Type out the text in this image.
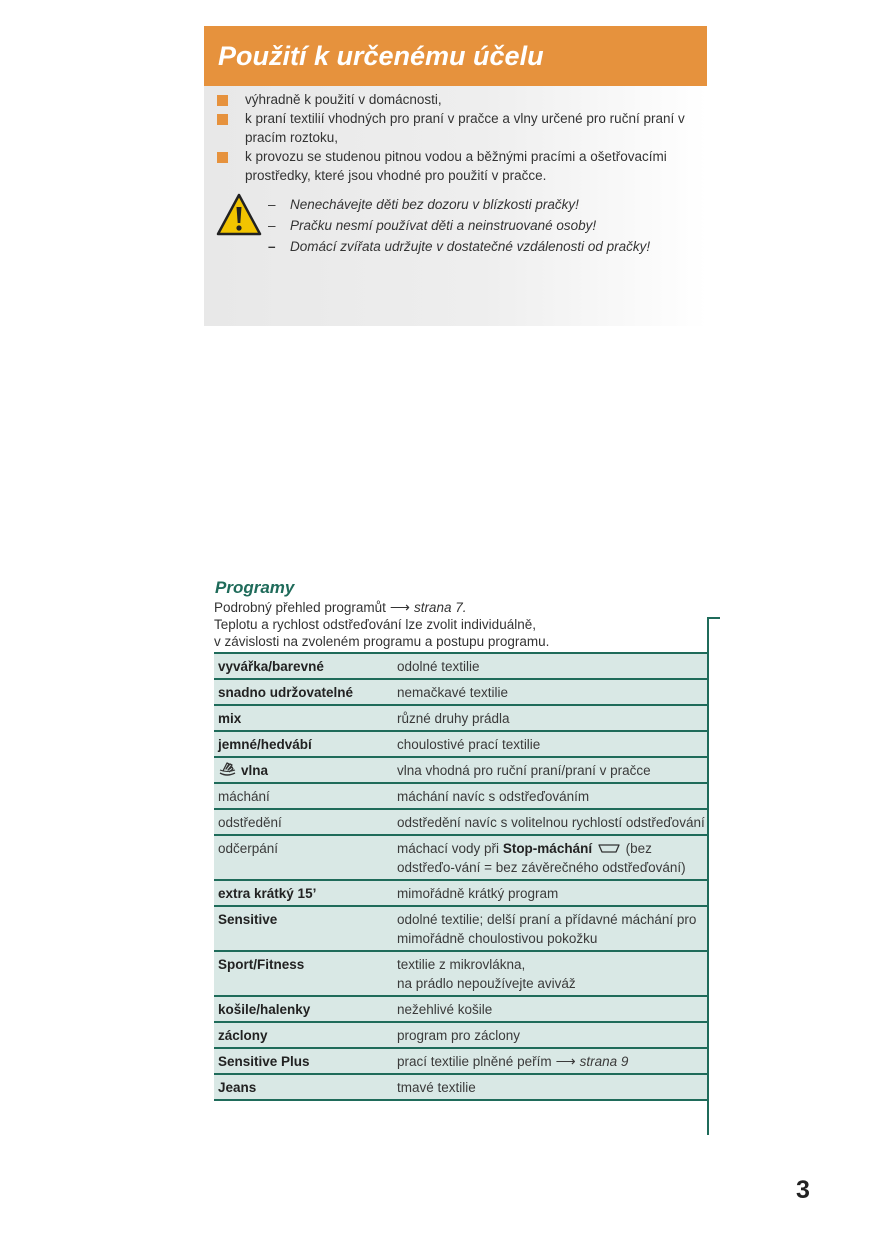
Použití k určenému účelu
výhradně k použití v domácnosti,
k praní textilií vhodných pro praní v pračce a vlny určené pro ruční praní v pracím roztoku,
k provozu se studenou pitnou vodou a běžnými pracími a ošetřovacími prostředky, které jsou vhodné pro použití v pračce.
– Nenechávejte děti bez dozoru v blízkosti pračky!
– Pračku nesmí používat děti a neinstruované osoby!
– Domácí zvířata udržujte v dostatečné vzdálenosti od pračky!
Programy
Podrobný přehled programůt ⟶ strana 7.
Teplotu a rychlost odstřeďování lze zvolit individuálně,
v závislosti na zvoleném programu a postupu programu.
vyvářka/barevné	odolné textilie
snadno udržovatelné	nemačkavé textilie
mix	různé druhy prádla
jemné/hedvábí	choulostivé prací textilie
vlna	vlna vhodná pro ruční praní/praní v pračce
máchání	máchání navíc s odstřeďováním
odstředění	odstředění navíc s volitelnou rychlostí odstřeďování
odčerpání	máchací vody při Stop-máchání (bez odstřeďo-vání = bez závěrečného odstřeďování)
extra krátký 15’	mimořádně krátký program
Sensitive	odolné textilie; delší praní a přídavné máchání pro mimořádně choulostivou pokožku
Sport/Fitness	textilie z mikrovlákna,
na prádlo nepoužívejte aviváž

košile/halenky	nežehlivé košile
záclony	program pro záclony
Sensitive Plus	prací textilie plněné peřím ⟶ strana 9
Jeans	tmavé textilie
3
